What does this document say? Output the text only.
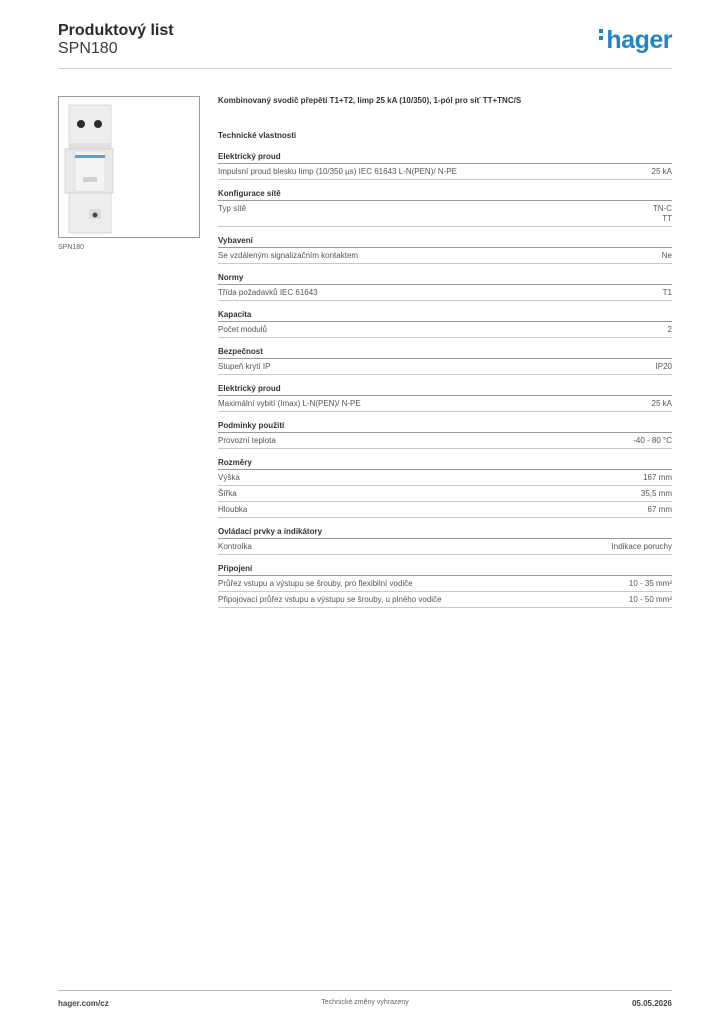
Produktový list
SPN180	hager
SPN180
Kombinovaný svodič přepětí T1+T2, Iimp 25 kA (10/350), 1-pól pro síť TT+TNC/S
Technické vlastnosti
Elektrický proud
Impulsní proud blesku Iimp (10/350 µs) IEC 61643 L-N(PEN)/ N-PE	25 kA
Konfigurace sítě
Typ sítě	TN-C
TT
Vybavení
Se vzdáleným signalizačním kontaktem	Ne
Normy
Třída požadavků IEC 61643	T1
Kapacita
Počet modulů	2
Bezpečnost
Stupeň krytí IP	IP20
Elektrický proud
Maximální vybití (Imax) L-N(PEN)/ N-PE	25 kA
Podmínky použití
Provozní teplota	-40 - 80 °C
Rozměry
Výška	167 mm
Šířka	35,5 mm
Hloubka	67 mm
Ovládací prvky a indikátory
Kontrolka	Indikace poruchy
Připojení
Průřez vstupu a výstupu se šrouby, pro flexibilní vodiče	10 - 35 mm²
Připojovací průřez vstupu a výstupu se šrouby, u plného vodiče	10 - 50 mm²
hager.com/cz	Technické změny vyhrazeny	05.05.2026
